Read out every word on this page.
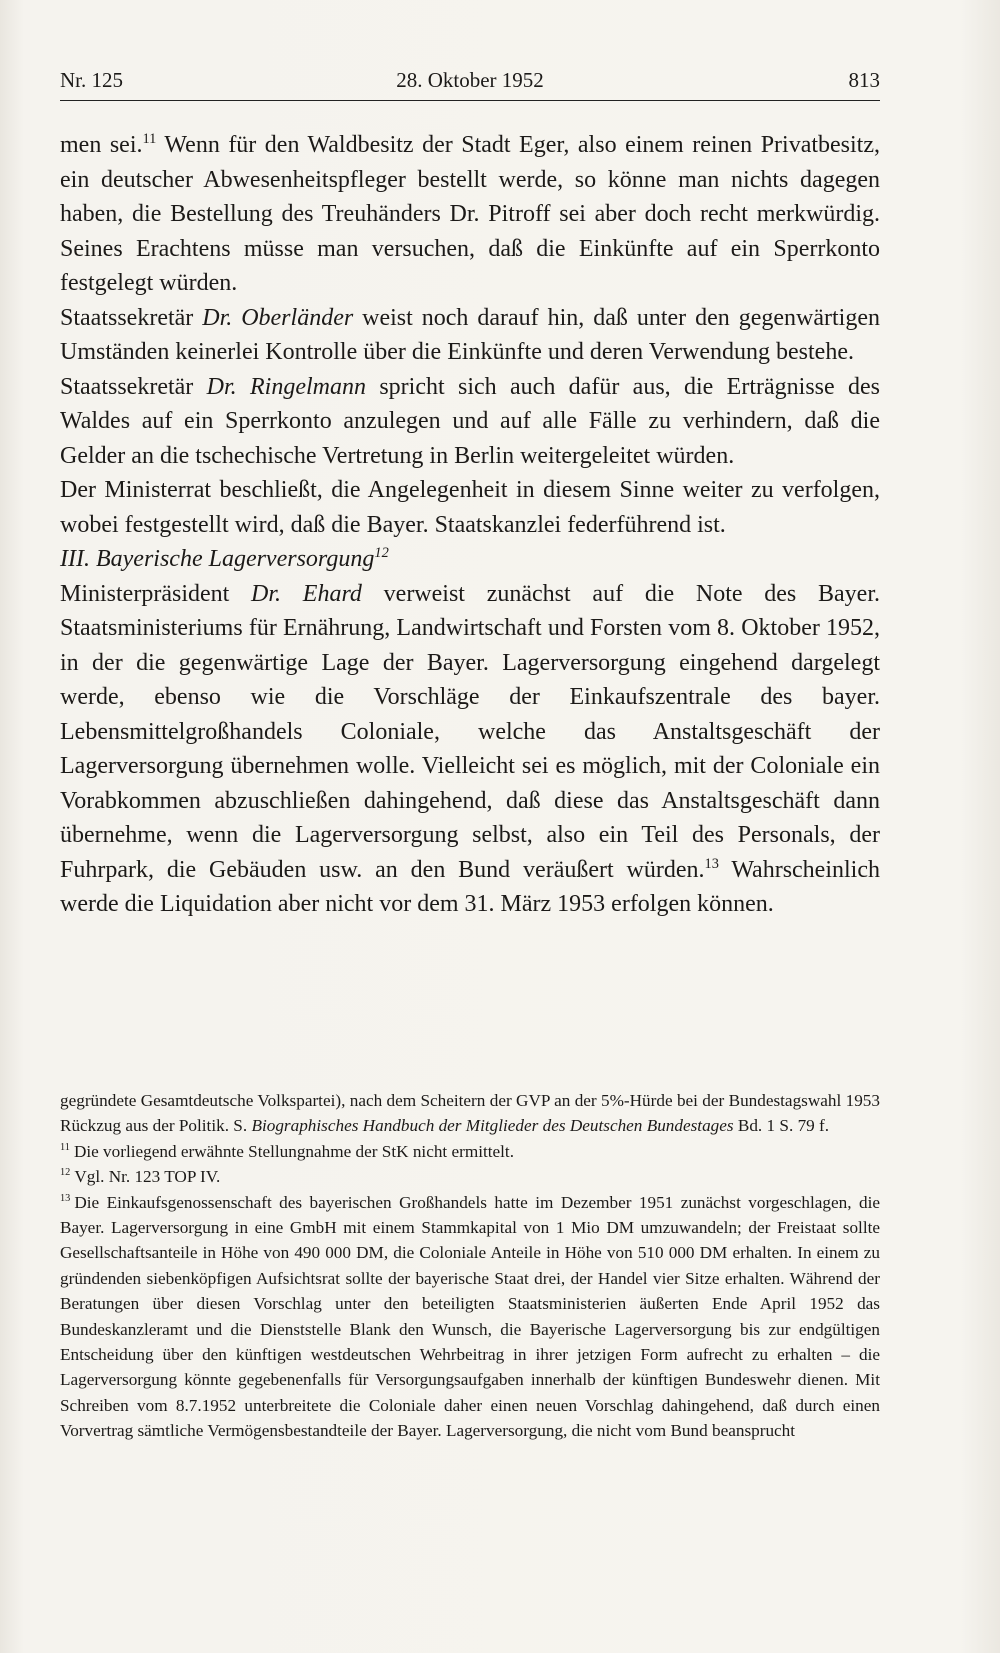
Nr. 125	28. Oktober 1952	813

men sei.$^{11}$ Wenn für den Waldbesitz der Stadt Eger, also einem reinen Privatbesitz, ein deutscher Abwesenheitspfleger bestellt werde, so könne man nichts dagegen haben, die Bestellung des Treuhänders Dr. Pitroff sei aber doch recht merkwürdig. Seines Erachtens müsse man versuchen, daß die Einkünfte auf ein Sperrkonto festgelegt würden.

Staatssekretär Dr. Oberländer weist noch darauf hin, daß unter den gegenwärtigen Umständen keinerlei Kontrolle über die Einkünfte und deren Verwendung bestehe.

Staatssekretär Dr. Ringelmann spricht sich auch dafür aus, die Erträgnisse des Waldes auf ein Sperrkonto anzulegen und auf alle Fälle zu verhindern, daß die Gelder an die tschechische Vertretung in Berlin weitergeleitet würden.

Der Ministerrat beschließt, die Angelegenheit in diesem Sinne weiter zu verfolgen, wobei festgestellt wird, daß die Bayer. Staatskanzlei federführend ist.

III. Bayerische Lagerversorgung$^{12}$

Ministerpräsident Dr. Ehard verweist zunächst auf die Note des Bayer. Staatsministeriums für Ernährung, Landwirtschaft und Forsten vom 8. Oktober 1952, in der die gegenwärtige Lage der Bayer. Lagerversorgung eingehend dargelegt werde, ebenso wie die Vorschläge der Einkaufszentrale des bayer. Lebensmittelgroßhandels Coloniale, welche das Anstaltsgeschäft der Lagerversorgung übernehmen wolle. Vielleicht sei es möglich, mit der Coloniale ein Vorabkommen abzuschließen dahingehend, daß diese das Anstaltsgeschäft dann übernehme, wenn die Lagerversorgung selbst, also ein Teil des Personals, der Fuhrpark, die Gebäuden usw. an den Bund veräußert würden.$^{13}$ Wahrscheinlich werde die Liquidation aber nicht vor dem 31. März 1953 erfolgen können.

gegründete Gesamtdeutsche Volkspartei), nach dem Scheitern der GVP an der 5%-Hürde bei der Bundestagswahl 1953 Rückzug aus der Politik. S. Biographisches Handbuch der Mitglieder des Deutschen Bundestages Bd. 1 S. 79 f.

$^{11}$ Die vorliegend erwähnte Stellungnahme der StK nicht ermittelt.

$^{12}$ Vgl. Nr. 123 TOP IV.

$^{13}$ Die Einkaufsgenossenschaft des bayerischen Großhandels hatte im Dezember 1951 zunächst vorgeschlagen, die Bayer. Lagerversorgung in eine GmbH mit einem Stammkapital von 1 Mio DM umzuwandeln; der Freistaat sollte Gesellschaftsanteile in Höhe von 490 000 DM, die Coloniale Anteile in Höhe von 510 000 DM erhalten. In einem zu gründenden siebenköpfigen Aufsichtsrat sollte der bayerische Staat drei, der Handel vier Sitze erhalten. Während der Beratungen über diesen Vorschlag unter den beteiligten Staatsministerien äußerten Ende April 1952 das Bundeskanzleramt und die Dienststelle Blank den Wunsch, die Bayerische Lagerversorgung bis zur endgültigen Entscheidung über den künftigen westdeutschen Wehrbeitrag in ihrer jetzigen Form aufrecht zu erhalten – die Lagerversorgung könnte gegebenenfalls für Versorgungsaufgaben innerhalb der künftigen Bundeswehr dienen. Mit Schreiben vom 8.7.1952 unterbreitete die Coloniale daher einen neuen Vorschlag dahingehend, daß durch einen Vorvertrag sämtliche Vermögensbestandteile der Bayer. Lagerversorgung, die nicht vom Bund beansprucht
